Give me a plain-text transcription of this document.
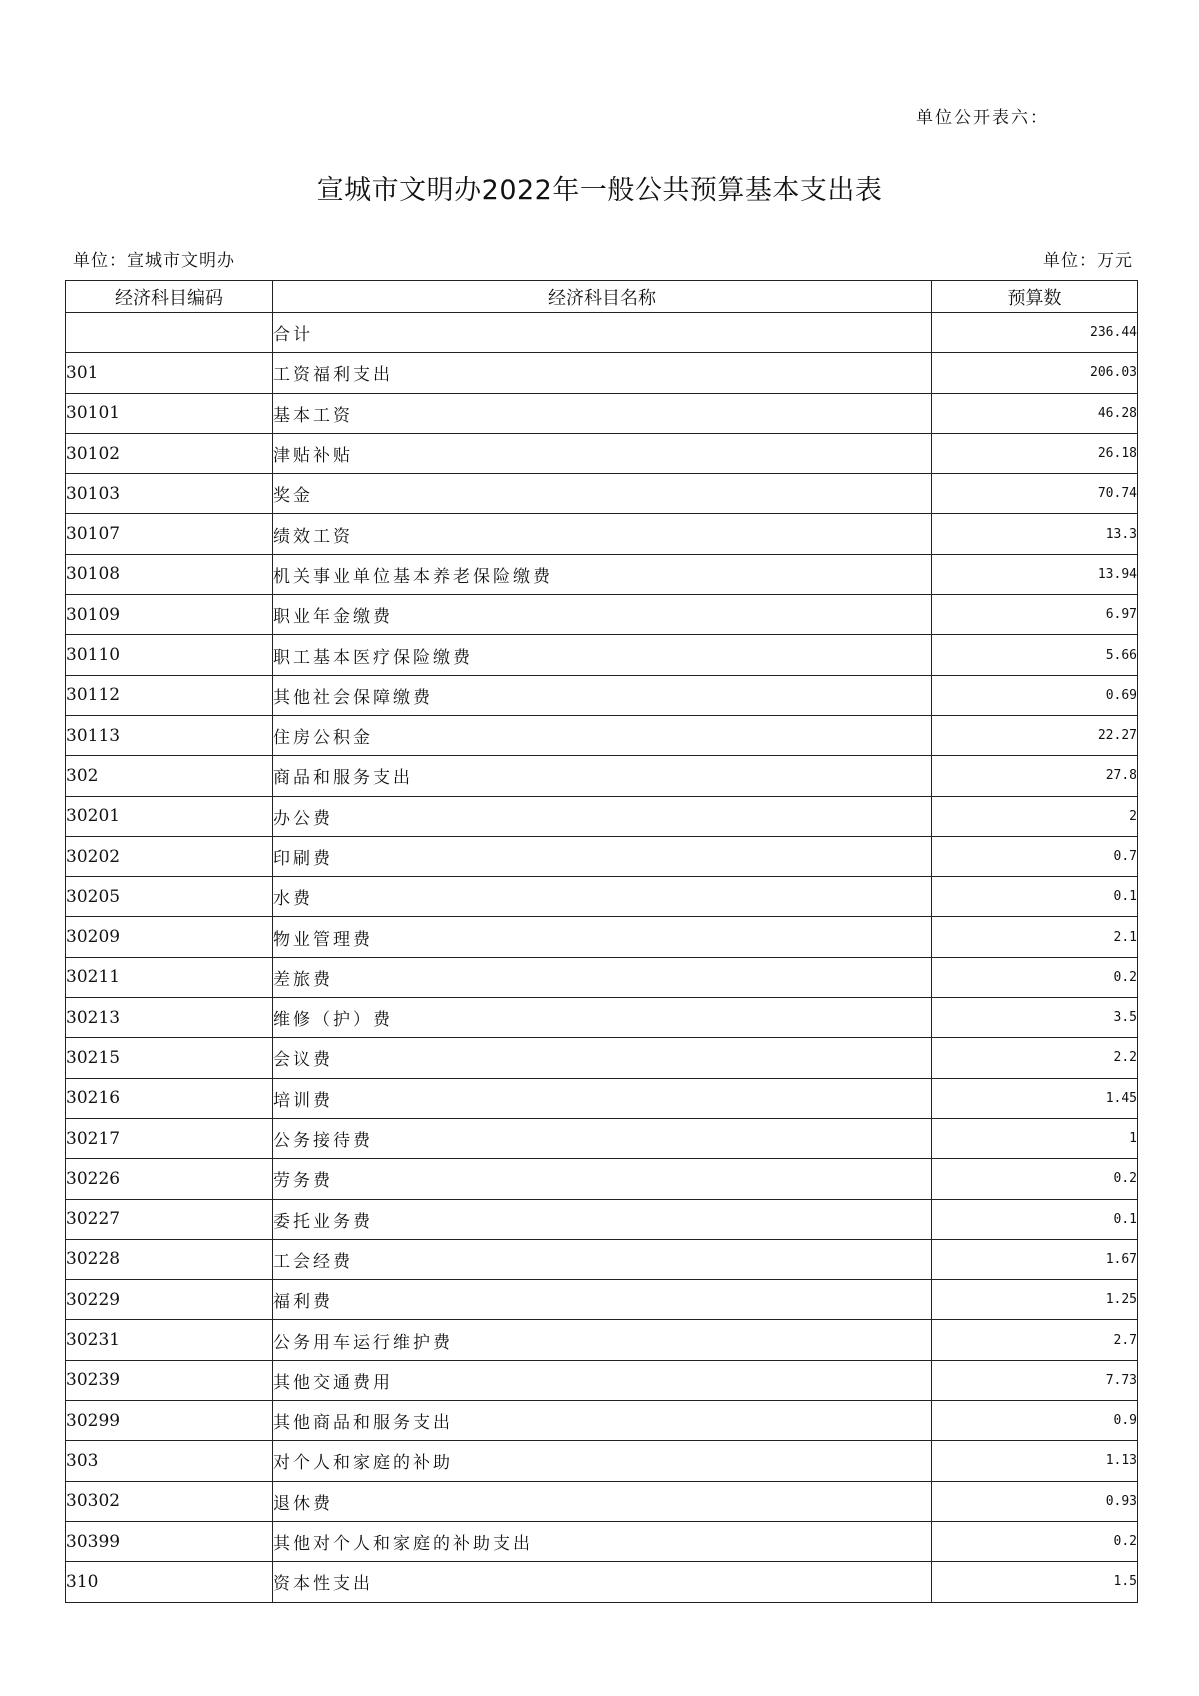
单位公开表六：
宣城市文明办2022年一般公共预算基本支出表
单位：宣城市文明办	单位：万元
经济科目编码	经济科目名称	预算数
	合计	236.44
301	工资福利支出	206.03
30101	基本工资	46.28
30102	津贴补贴	26.18
30103	奖金	70.74
30107	绩效工资	13.3
30108	机关事业单位基本养老保险缴费	13.94
30109	职业年金缴费	6.97
30110	职工基本医疗保险缴费	5.66
30112	其他社会保障缴费	0.69
30113	住房公积金	22.27
302	商品和服务支出	27.8
30201	办公费	2
30202	印刷费	0.7
30205	水费	0.1
30209	物业管理费	2.1
30211	差旅费	0.2
30213	维修（护）费	3.5
30215	会议费	2.2
30216	培训费	1.45
30217	公务接待费	1
30226	劳务费	0.2
30227	委托业务费	0.1
30228	工会经费	1.67
30229	福利费	1.25
30231	公务用车运行维护费	2.7
30239	其他交通费用	7.73
30299	其他商品和服务支出	0.9
303	对个人和家庭的补助	1.13
30302	退休费	0.93
30399	其他对个人和家庭的补助支出	0.2
310	资本性支出	1.5
